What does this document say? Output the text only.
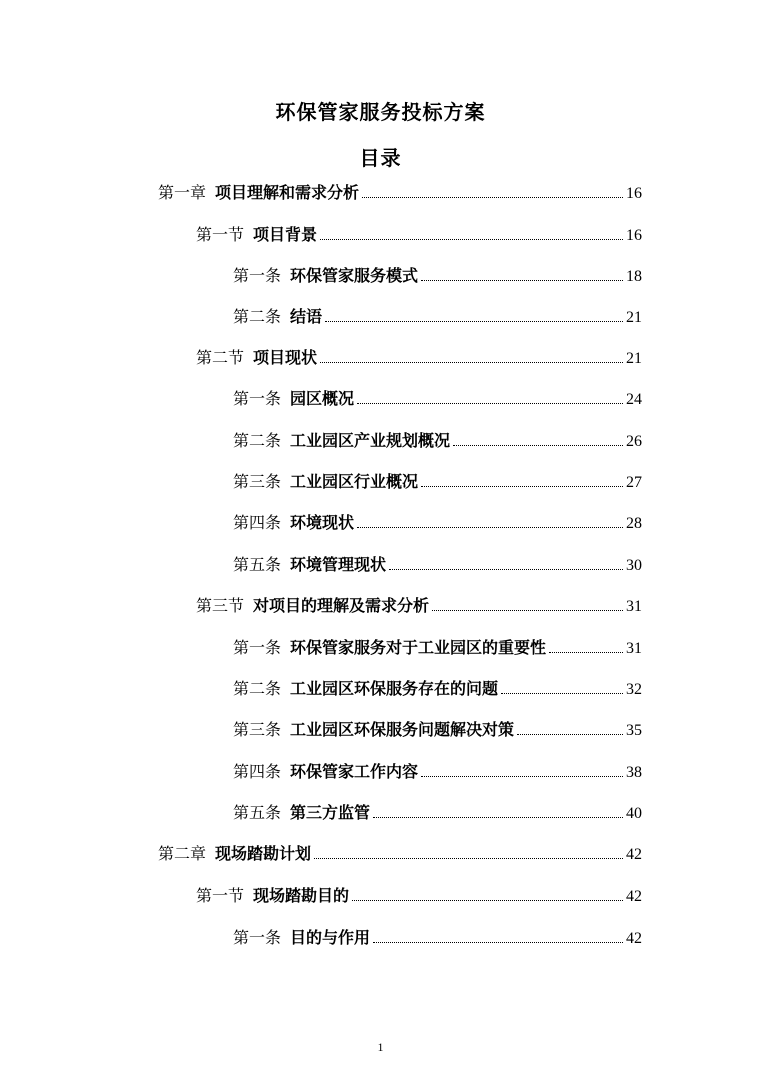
环保管家服务投标方案
目录
第一章 项目理解和需求分析	16
第一节 项目背景	16
第一条 环保管家服务模式	18
第二条 结语	21
第二节 项目现状	21
第一条 园区概况	24
第二条 工业园区产业规划概况	26
第三条 工业园区行业概况	27
第四条 环境现状	28
第五条 环境管理现状	30
第三节 对项目的理解及需求分析	31
第一条 环保管家服务对于工业园区的重要性	31
第二条 工业园区环保服务存在的问题	32
第三条 工业园区环保服务问题解决对策	35
第四条 环保管家工作内容	38
第五条 第三方监管	40
第二章 现场踏勘计划	42
第一节 现场踏勘目的	42
第一条 目的与作用	42
1
